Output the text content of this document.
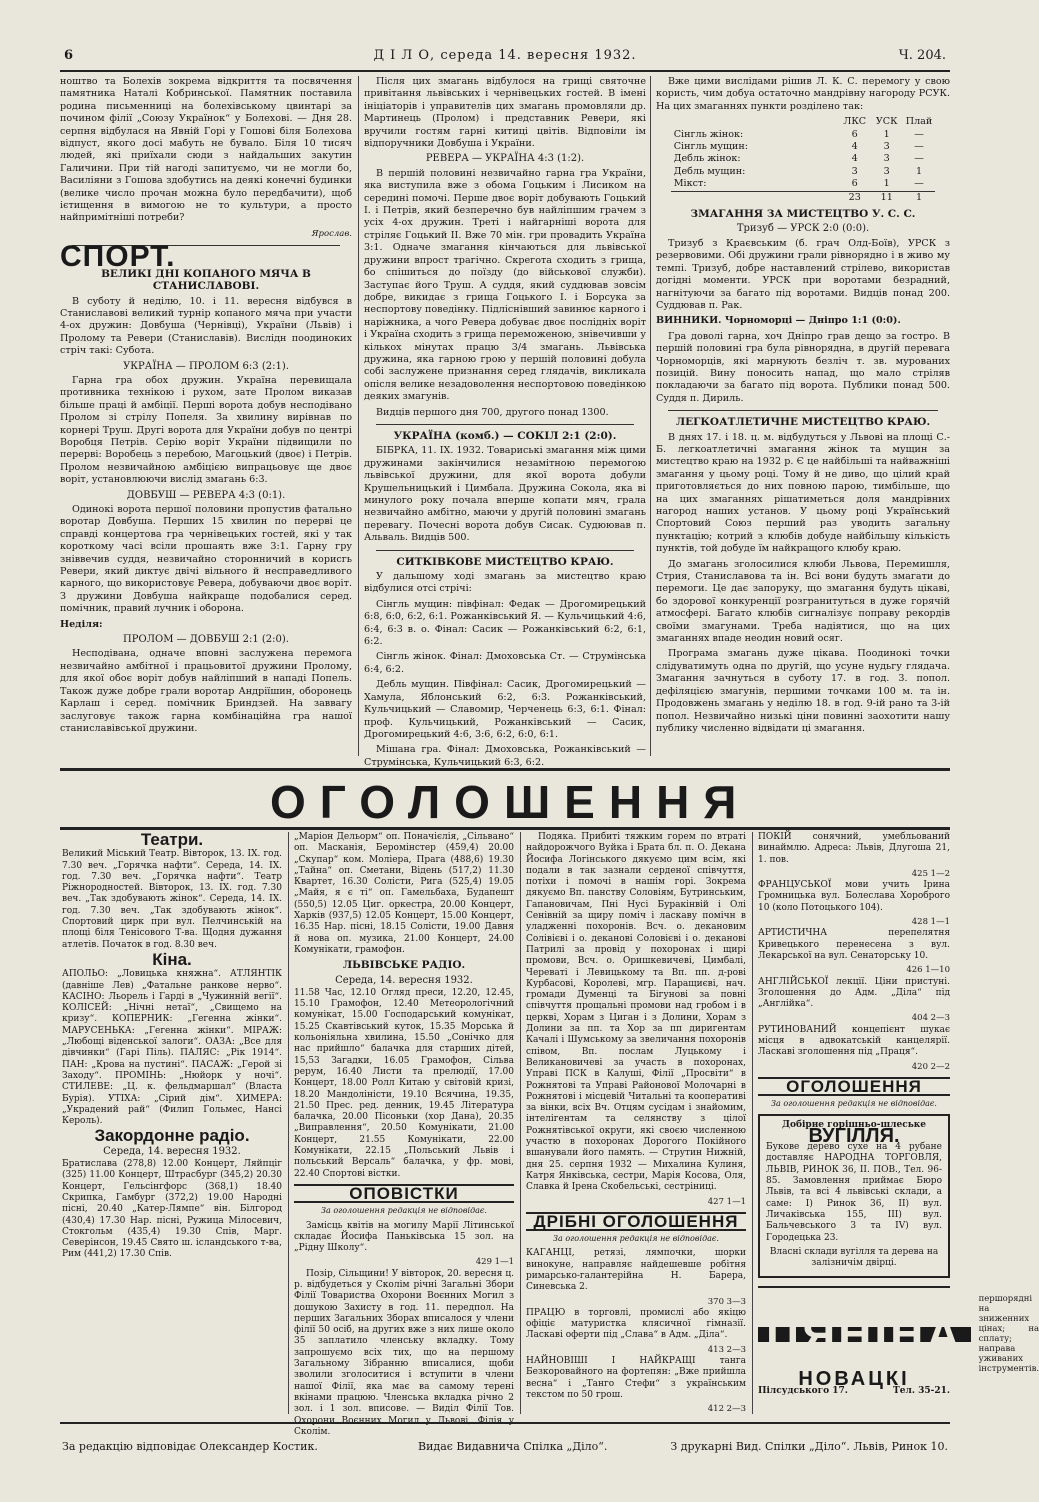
6	Д І Л О, середа 14. вересня 1932.	Ч. 204.

ноштво та Болехів зокрема відкриття та посвячення памятника Наталі Кобринської. Памятник поставила родина письменниці на болехівському цвинтарі за почином філії „Союзу Українок“ у Болехові. — Дня 28. серпня відбулася на Явній Горі у Гошові біля Болехова відпуст, якого досі мабуть не бувало. Біля 10 тисяч людей, які приїхали сюди з найдальших закутин Галичини. При тій нагоді запитуємо, чи не могли бо, Василіяни з Гошова здобутись на деякі конечні будинки (велике число прочан можна було передбачити), щоб ієтищення в вимогою не то культури, а просто найпримітніші потреби?

Ярослав.

СПОРТ.

ВЕЛИКІ ДНІ КОПАНОГО МЯЧА В СТАНИСЛАВОВІ.

В суботу й неділю, 10. і 11. вересня відбувся в Станиславові великий турнір копаного мяча при участи 4-ох дружин: Довбуша (Чернівці), України (Львів) і Пролому та Ревери (Станиславів). Вислідн поодиноких стріч такі: Субота.

УКРАЇНА — ПРОЛОМ 6:3 (2:1).

Гарна гра обох дружин. Україна перевищала противника технікою і рухом, зате Пролом виказав більше праці й амбіції. Перші ворота добув несподівано Пролом зі стрілу Попеля. За хвилину вирівнав по корнері Труш. Другі ворота для України добув по центрі Воробця Петрів. Серію воріт України підвищили по перерві: Воробець з перебою, Магоцький (двоє) і Петрів. Пролом незвичайною амбіцією випрацьовує ще двоє воріт, установлюючи вислід змагань 6:3.

ДОВБУШ — РЕВЕРА 4:3 (0:1).

Одинокі ворота першої половини пропустив фатально воротар Довбуша. Перших 15 хвилин по перерві це справді концертова гра чернівецьких гостей, які у так короткому часі всіли прошаять вже 3:1. Гарну гру зніввечив суддя, незвичайно сторонничий в корисгь Ревери, який диктує двічі вільного й несправедливого карного, що використовує Ревера, добуваючи двоє воріт. З дружини Довбуша найкраще подобалися серед. помічник, правий лучник і оборона.

Неділя:

ПРОЛОМ — ДОВБУШ 2:1 (2:0).

Несподівана, одначе вповні заслужена перемога незвичайно амбітної і працьовитої дружини Пролому, для якої обоє воріт добув найліпший в нападі Попель. Також дуже добре грали воротар Андріїшин, оборонець Карлаш і серед. помічник Бриндзей. На заввагу заслуговує також гарна комбінаційна гра нашої станиславівської дружини.

Після цих змагань відбулося на грищі святочне привітання львівських і чернівецьких гостей. В імені ініціаторів і управителів цих змагань промовляли др. Мартинець (Пролом) і представник Ревери, які вручили гостям гарні китиці цвітів. Відповіли ім відпоручники Довбуша і України.

РЕВЕРА — УКРАЇНА 4:3 (1:2).

В першій половині незвичайно гарна гра України, яка виступила вже з обома Гоцьким і Лисиком на середині помочі. Перше двоє воріт добувають Гоцький І. і Петрів, який безперечно був найліпшим грачем з усіх 4-ох дружин. Треті і найгарніші ворота для стріляє Гоцький ІІ. Вже 70 мін. гри провадить Україна 3:1. Одначе змагання кінчаються для львівської дружини впрост трагічно. Скрегота сходить з грища, бо спішиться до поїзду (до військової служби). Заступає його Труш. А суддя, який суддював зовсім добре, викидає з грища Гоцького І. і Борсука за неспортову поведінку. Підліснівший завинює карного і наріжника, а чого Ревера добуває двоє послідніх воріт і Україна сходить з грища переможеною, знівечивши у кількох мінутах працю 3/4 змагань. Львівська дружина, яка гарною грою у першій половині добула собі заслужене признання серед глядачів, викликала опісля велике незадоволення неспортовою поведінкою деяких змагунів.

Видців першого дня 700, другого понад 1300.

УКРАЇНА (комб.) — СОКІЛ 2:1 (2:0).

БІБРКА, 11. IX. 1932. Товариські змагання між цими дружинами закінчилися незамітною перемогою львівської дружини, для якої ворота добули Крушельницький і Цимбала. Дружина Сокола, яка ві минулого року почала вперше копати мяч, грала незвичайно амбітно, маючи у другій половині змагань перевагу. Почесні ворота добув Сисак. Судюював п. Альваль. Видців 500.

СИТКІВКОВЕ МИСТЕЦТВО КРАЮ.

У дальшому ході змагань за мистецтво краю відбулися отсі стрічі:

Сінгль мущин: півфінал: Федак — Дрогомирецький 6:8, 6:0, 6:2, 6:1. Рожанківський Я. — Кульчицький 4:6, 6:4, 6:3 в. о. Фінал: Сасик — Рожанківський 6:2, 6:1, 6:2.

Сінгль жінок. Фінал: Дмоховська Ст. — Струмінська 6:4, 6:2.

Дебль мущин. Півфінал: Сасик, Дрогомирецький — Хамула, Яблонський 6:2, 6:3. Рожанківський, Кульчицький — Славомир, Черченець 6:3, 6:1. Фінал: проф. Кульчицький, Рожанківський — Сасик, Дрогомирецький 4:6, 3:6, 6:2, 6:0, 6:1.

Мішана гра. Фінал: Дмоховська, Рожанківський — Струмінська, Кульчицький 6:3, 6:2.

Вже цими вислідами рішив Л. К. С. перемогу у свою користь, чим добуа остаточно мандрівну нагороду РСУК. На цих змаганнях пункти розділено так:

	ЛКС	УСК	Плай
Сінгль жінок:	6	1	—
Сінгль мущин:	4	3	—
Дебль жінок:	4	3	—
Дебль мущин:	3	3	1
Мікст:	6	1	—
	23	11	1
ЗМАГАННЯ ЗА МИСТЕЦТВО У. С. С.
Тризуб — УРСК 2:0 (0:0).

Тризуб з Краєвським (б. грач Олд-Боїв), УРСК з резервовими. Обі дружини грали рівнорядно і в живо му темпі. Тризуб, добре наставлений стрілево, використав догідні моменти. УРСК при воротами безрадний, нагнітуючи за багато під воротами. Видців понад 200. Суддював п. Рак.

ВИННИКИ. Чорноморці — Дніпро 1:1 (0:0).

Гра доволі гарна, хоч Дніпро грав дещо за гостро. В першій половині гра була рівнорядна, в другій перевага Чорноморців, які марнують безліч т. зв. мурованих позицій. Вину поносить напад, що мало стріляв покладаючи за багато під ворота. Публики понад 500. Суддя п. Дириль.

ЛЕГКОАТЛЕТИЧНЕ МИСТЕЦТВО КРАЮ.

В днях 17. і 18. ц. м. відбудуться у Львові на площі С.-Б. легкоатлетичні змагання жінок та мущин за мистецтво краю на 1932 р. Є це найбільші та найважніші змагання у цьому році. Тому й не диво, що цілий край приготовляється до них повною парою, тимбільше, що на цих змаганнях рішатиметься доля мандрівних нагород наших установ. У цьому році Український Спортовий Союз перший раз уводить загальну пунктацію; котрий з клюбів добуде найбільшу кількість пунктів, той добуде їм найкращого клюбу краю.

До змагань зголосилися клюби Львова, Перемишля, Стрия, Станиславова та ін. Всі вони будуть змагати до перемоги. Це дає запоруку, що змагання будуть цікаві, бо здорової конкуренції розгранитуться в дуже горячій атмосфері. Багато клюбів сигналізує поправу рекордів своїми змагунами. Треба надіятися, що на цих змаганнях впаде неодин новий осяг.

Програма змагань дуже цікава. Поодинокі точки слідуватимуть одна по другій, що усуне нудьгу глядача. Змагання зачнуться в суботу 17. в год. 3. попол. дефіляцією змагунів, першими точками 100 м. та ін. Продовжень змагань у неділю 18. в год. 9-ій рано та 3-ій попол. Незвичайно низькі ціни повинні заохотити нашу публику численно відвідати ці змагання.

ОГОЛОШЕННЯ
Театри.

Великий Міський Театр. Вівторок, 13. IX. год. 7.30 веч. „Горячка нафти“. Середа, 14. IX. год. 7.30 веч. „Горячка нафти“. Театр Ріжнородностей. Вівторок, 13. IX. год. 7.30 веч. „Так здобувають жінок“. Середа, 14. IX. год. 7.30 веч. „Так здобувають жінок“. Спортовий цирк при вул. Пелчинській на площі біля Тенісового Т-ва. Щодня дужання атлетів. Початок в год. 8.30 веч.

Кіна.

АПОЛЬО: „Ловицька княжна“. АТЛЯНТІК (давніше Лев) „Фатальне ранкове нерво“. КАСІНО: Льорель і Гарді в „Чужинній вегії“. КОЛІСЕЙ: „Нічні нетаї“, „Свищемо на кризу“. КОПЕРНИК: „Гегенна жінки“. МАРУСЕНЬКА: „Гегенна жінки“. МІРАЖ: „Любощі віденської залоги“. ОАЗА: „Все для дівчинки“ (Гарі Піль). ПАЛЯС: „Рік 1914“. ПАН: „Крова на пустині“. ПАСАЖ: „Герой зі Заходу“. ПРОМІНЬ: „Нюйорк у ночі“. СТИЛЕВЕ: „Ц. к. фельдмаршал“ (Власта Бурія). УТІХА: „Сірий дім“. ХИМЕРА: „Украдений рай“ (Филип Гольмес, Нансі Кероль).

Закордонне радіо.
Середа, 14. вересня 1932.

Братислава (278,8) 12.00 Концерт, Ляйпціг (325) 11.00 Концерт, Штрасбург (345,2) 20.30 Концерт, Гельсінгфорс (368,1) 18.40 Скрипка, Гамбург (372,2) 19.00 Народні пісні, 20.40 „Катер-Лямпе“ він. Білгород (430,4) 17.30 Нар. пісні, Ружица Мілосевич, Стокгольм (435,4) 19.30 Спів, Марг. Северінсон, 19.45 Свято ш. ісландського т-ва, Рим (441,2) 17.30 Спів.

„Маріон Дельорм“ оп. Поначієлія, „Сільвано“ оп. Масканія, Беромінстер (459,4) 20.00 „Скупар“ ком. Моліера, Прага (488,6) 19.30 „Тайна“ оп. Сметани, Відень (517,2) 11.30 Квартет, 16.30 Солісти, Рига (525,4) 19.05 „Майя, я є ті“ оп. Гамельбаха, Будапешт (550,5) 12.05 Циг. оркестра, 20.00 Концерт, Харків (937,5) 12.05 Концерт, 15.00 Концерт, 16.35 Нар. пісні, 18.15 Солісти, 19.00 Давня й нова оп. музика, 21.00 Концерт, 24.00 Комунікати, грамофон.

ЛЬВІВСЬКЕ РАДІО.
Середа, 14. вересня 1932.

11.58 Час, 12.10 Огляд преси, 12.20, 12.45, 15.10 Грамофон, 12.40 Метеорологічний комунікат, 15.00 Господарський комунікат, 15.25 Скавтівський куток, 15.35 Морська й кольоніяльна хвилина, 15.50 „Сонічко для нас прийшло“ балачка для старших дітей, 15,53 Загадки, 16.05 Грамофон, Сільва рерум, 16.40 Листи та прелюдії, 17.00 Концерт, 18.00 Ролл Китаю у світовій кризі, 18.20 Мандоліністи, 19.10 Всячина, 19.35, 21.50 Прес. ред. денник, 19.45 Література балачка, 20.00 Пісоньки (хор Дана), 20.35 „Виправлення“, 20.50 Комунікати, 21.00 Концерт, 21.55 Комунікати, 22.00 Комунікати, 22.15 „Польський Львів і польський Версаль“ балачка, у фр. мові, 22.40 Спортові вістки.

ОПОВІСТКИ
За оголошення редакція не відповідає.

Замісць квітів на могилу Марії Літинської складає Йосифа Паньківська 15 зол. на „Рідну Школу“.

429 1—1

Позір, Сільщини! У вівторок, 20. вересня ц. р. відбудеться у Сколім річні Загальні Збори Філії Товариства Охорони Воєнних Могил з дошукою Захисту в год. 11. передпол. На перших Загальних Зборах вписалося у члени філії 50 осіб, на других вже з них лише около 35 заплатило членську вкладку. Тому запрошуємо всіх тих, що на першому Загальному Зібранню вписалися, щоби зволили зголоситися і вступити в члени нашої Філії, яка має ва самому терені вкінами працюю. Членська вкладка річно 2 зол. і 1 зол. вписове. — Виділ Філії Тов. Охорони Воєнних Могил у Львові, Філія у Сколім.

Подяка. Прибиті тяжким горем по втраті найдорожчого Вуйка і Брата бл. п. О. Декана Йосифа Логінського дякуємо цим всім, які подали в так зазнали серденої співчуття, потіхи і помочі в нашім горі. Зокрема дякуємо Вп. панству Соловіям, Бутринським, Гапановичам, Пні Нусі Буракінвій і Олі Сенівній за щиру поміч і ласкаву помічн в уладженні похоронів. Всч. о. декановим Солівієві і о. деканові Соловієві і о. деканові Патрилі за провід у похоронах і щирі промови, Всч. о. Оришкевичеві, Цимбалі, Череваті і Левицькому та Вп. пп. д-рові Курбасові, Королеві, мгр. Паращиєві, нач. громади Думенці та Бігунові за повні співчуття прощальні промови над гробом і в церкві, Хорам з Циган і з Долини, Хорам з Долини за пп. та Хор за пп диригентам Качалі і Шумському за звеличання похоронів співом, Вп. послам Луцькому і Великановичеві за участь в похоронах, Управі ПСК в Калуші, Філії „Просвіти“ в Рожнятові та Управі Районової Молочарні в Рожнятові і місцевій Читальні та кооперативі за вінки, всіх Вч. Отцям сусідам і знайомим, інтелігентам та селянству з цілої Рожнятівської округи, які своєю численною участю в похоронах Дорогого Покійного вшанували його память. — Струтин Нижній, дня 25. серпня 1932 — Михалина Кулиня, Катря Янківська, сестри, Марія Косова, Оля, Славка й Ірена Скобельські, сестріниці.

427 1—1
ДРІБНІ ОГОЛОШЕННЯ
За оголошення редакція не відповідає.

КАГАНЦІ, ретязі, лямпочки, шорки винокуне, направляє найдешевше робітня римарсько-галантерійна Н. Барера, Синевська 2.

370 3—3

ПРАЦЮ в торговлі, промислі або якіцю офіціє матуристка клясичної гімназії. Ласкаві оферти під „Слава“ в Адм. „Діла“.

413 2—3

НАЙНОВІШІ І НАЙКРАЩІ танга Безкоровайного на фортепян: „Вже прийшла весна“ і „Танго Стефи“ з українським текстом по 50 грош.

412 2—3

ПОКІЙ сонячний, умебльований винаймлю. Адреса: Львів, Длугоша 21, 1. пов.

425 1—2

ФРАНЦУСЬКОЇ мови учить Ірина Громницька вул. Болеслава Хороброго 10 (коло Потоцького 104).

428 1—1

АРТИСТИЧНА перепелятня Кривецького перенесена з вул. Лекарської на вул. Сенаторську 10.

426 1—10

АНГЛІЙСЬКОЇ лекції. Ціни пристуні. Зголошення до Адм. „Діла“ під „Англійка“.

404 2—3

РУТИНОВАНИЙ концепієнт шукає місця в адвокатській канцелярії. Ласкаві зголошення під „Праця“.

420 2—2
ОГОЛОШЕННЯ
За оголошення редакція не відповідає.
Добірне горішньо-шлеське
ВУГІЛЛЯ.

Букове дерево сухе на 4 рубане доставляє НАРОДНА ТОРГОВЛЯ, ЛЬВІВ, РИНОК 36, II. ПОВ., Тел. 96-85. Замовлення приймає Бюро Львів, та всі 4 львівські склади, а саме: І) Ринок 36, ІІ) вул. Личаківська 155, ІІІ) вул. Бальчевського 3 та IV) вул. Городецька 23.

Власні склади вугілля та дерева на залізничім двірці.

ПЯНІНА
першорядні на зниженних цінах; на сплату; направа уживаних інструментів.
НОВАЦКІ
Пілсудського 17.	Тел. 35-21.
За редакцію відповідає Олександер Костик.	Видає Видавнича Спілка „Діло“.	З друкарні Вид. Спілки „Діло“. Львів, Ринок 10.
